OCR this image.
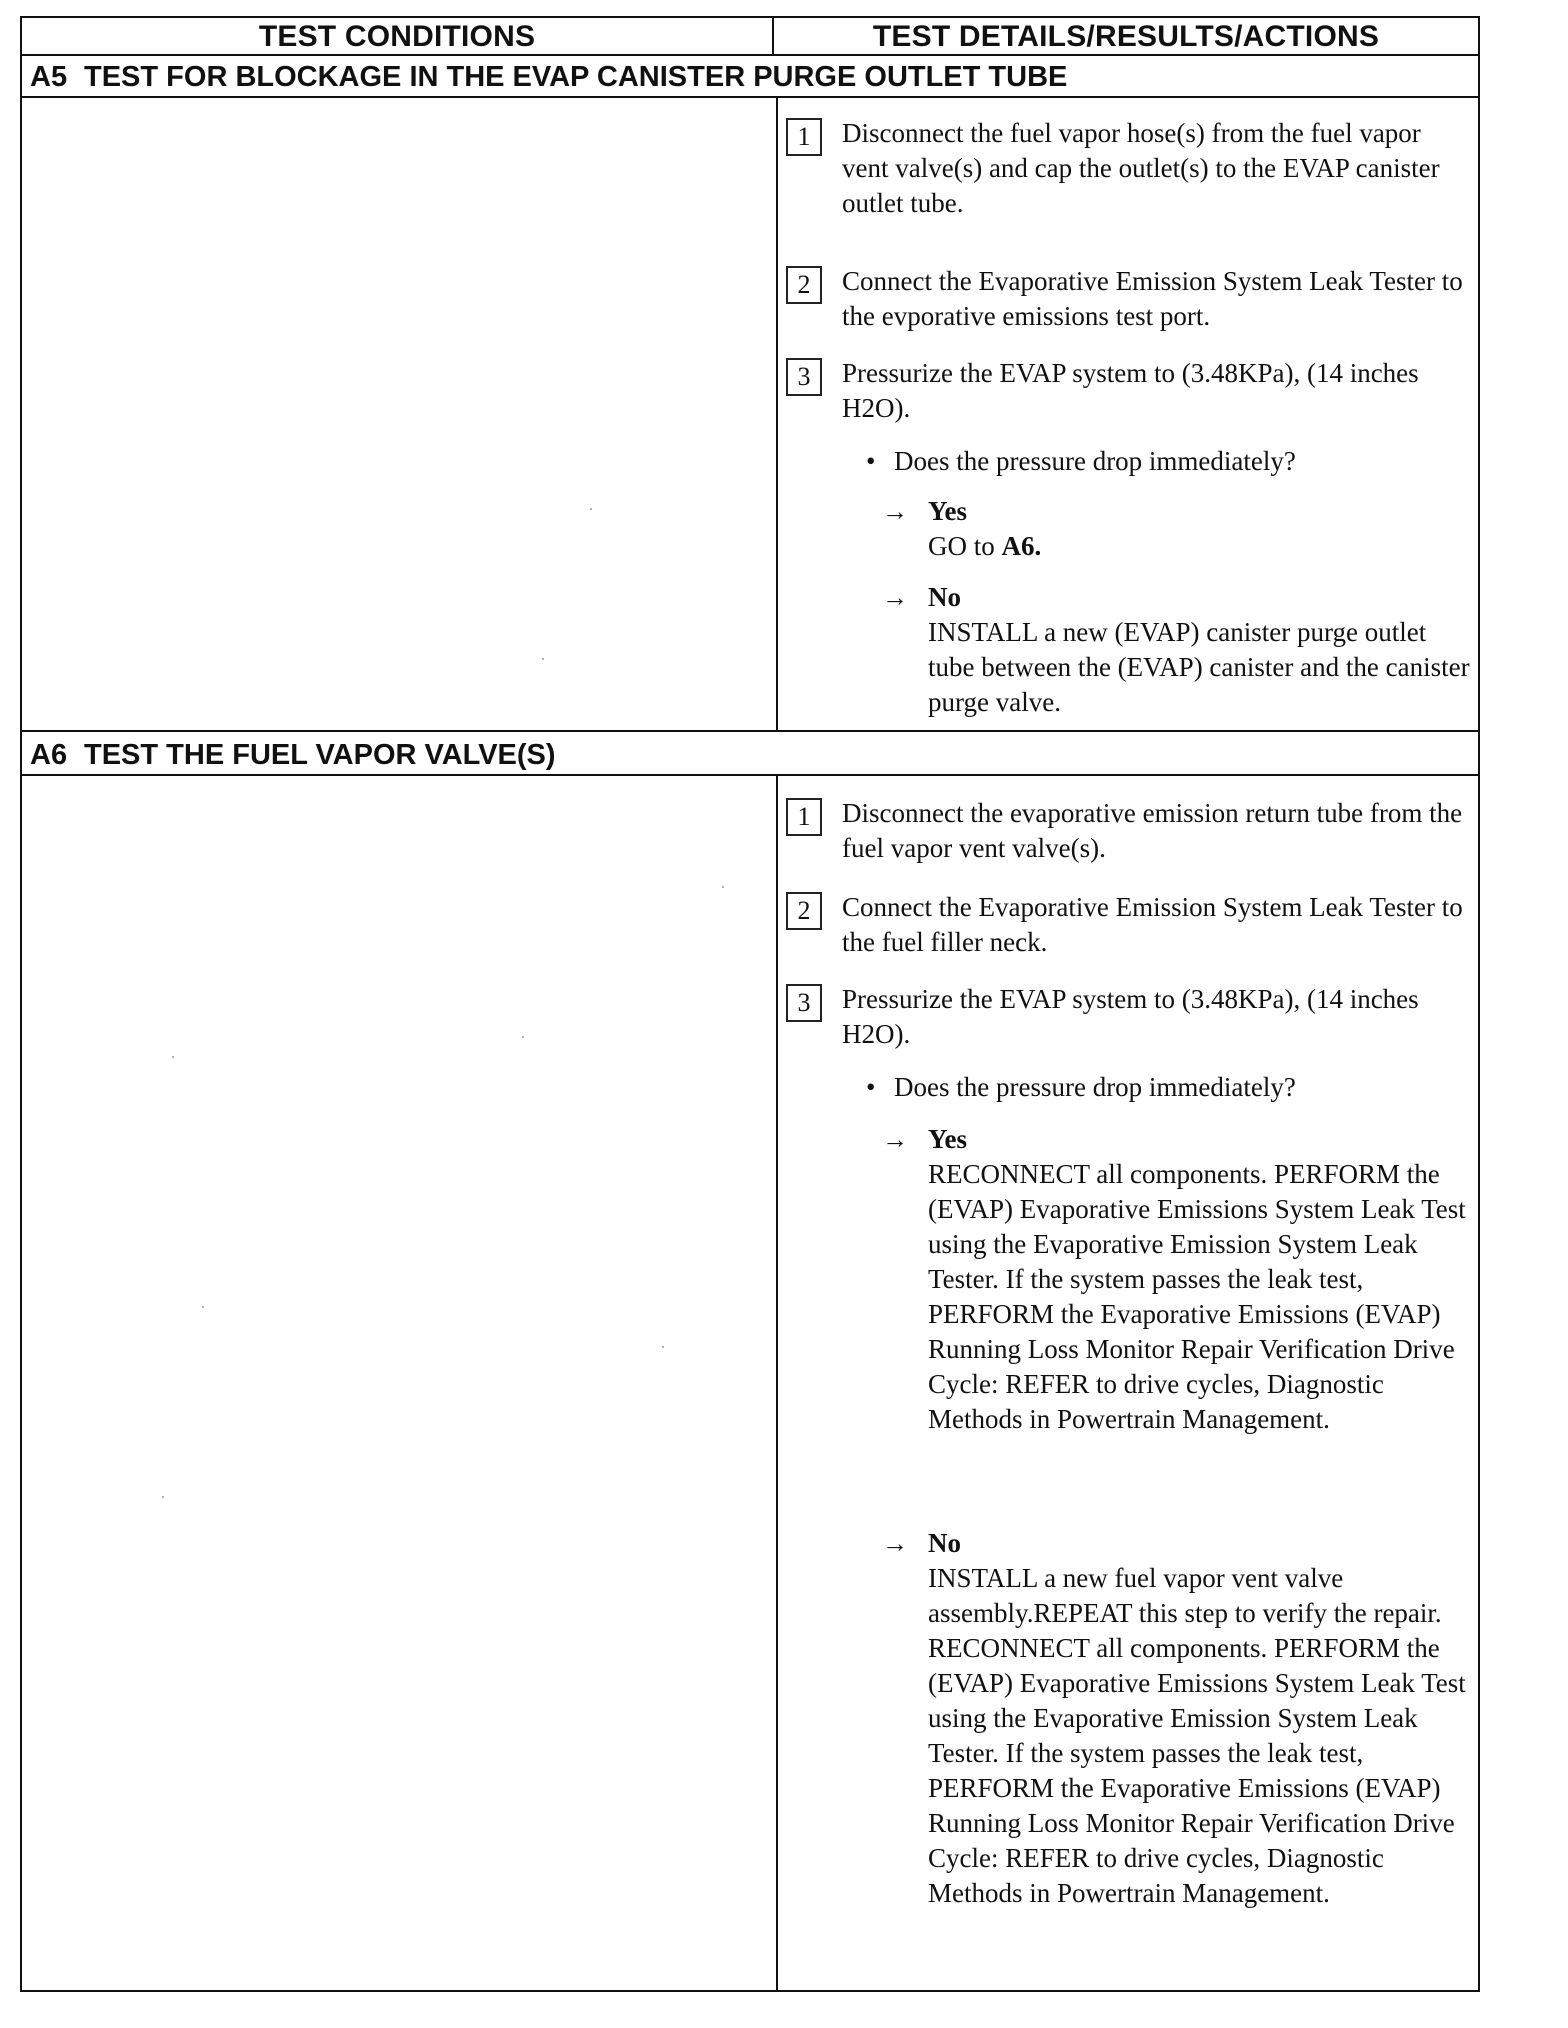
TEST CONDITIONS	TEST DETAILS/RESULTS/ACTIONS
A5 TEST FOR BLOCKAGE IN THE EVAP CANISTER PURGE OUTLET TUBE
1	Disconnect the fuel vapor hose(s) from the fuel vapor vent valve(s) and cap the outlet(s) to the EVAP canister outlet tube.
2	Connect the Evaporative Emission System Leak Tester to the evporative emissions test port.
3	Pressurize the EVAP system to (3.48KPa), (14 inches H2O).
• Does the pressure drop immediately?
→ Yes
GO to A6.
→ No
INSTALL a new (EVAP) canister purge outlet tube between the (EVAP) canister and the canister purge valve.
A6 TEST THE FUEL VAPOR VALVE(S)
1	Disconnect the evaporative emission return tube from the fuel vapor vent valve(s).
2	Connect the Evaporative Emission System Leak Tester to the fuel filler neck.
3	Pressurize the EVAP system to (3.48KPa), (14 inches H2O).
• Does the pressure drop immediately?
→ Yes
RECONNECT all components. PERFORM the (EVAP) Evaporative Emissions System Leak Test using the Evaporative Emission System Leak Tester. If the system passes the leak test, PERFORM the Evaporative Emissions (EVAP) Running Loss Monitor Repair Verification Drive Cycle: REFER to drive cycles, Diagnostic Methods in Powertrain Management.
→ No
INSTALL a new fuel vapor vent valve assembly.REPEAT this step to verify the repair. RECONNECT all components. PERFORM the (EVAP) Evaporative Emissions System Leak Test using the Evaporative Emission System Leak Tester. If the system passes the leak test, PERFORM the Evaporative Emissions (EVAP) Running Loss Monitor Repair Verification Drive Cycle: REFER to drive cycles, Diagnostic Methods in Powertrain Management.
